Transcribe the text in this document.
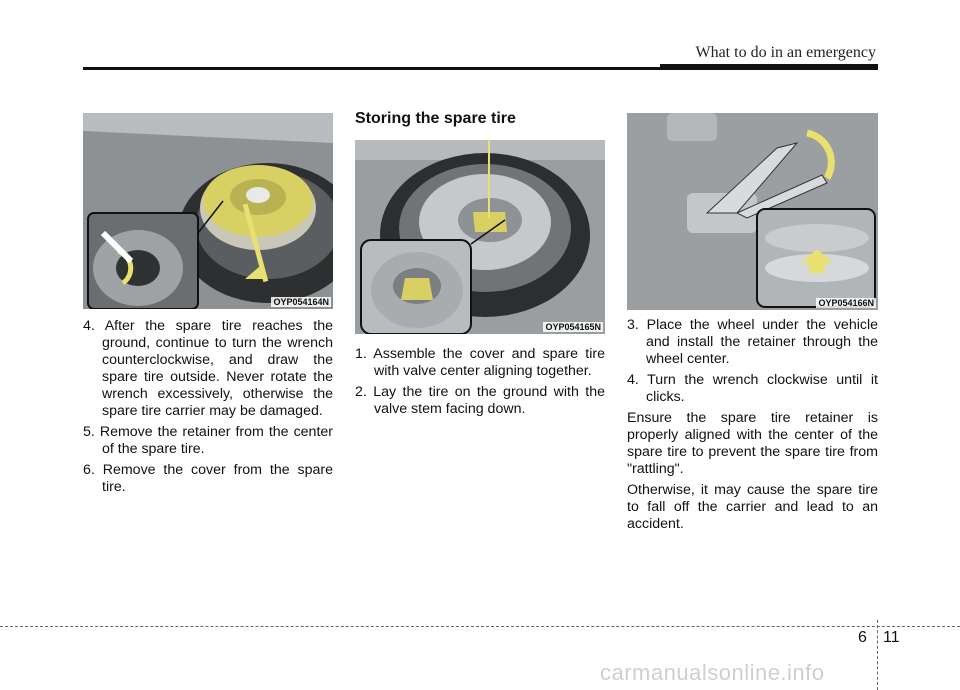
What to do in an emergency
OYP054164N
OYP054165N
OYP054166N
4. After the spare tire reaches the ground, continue to turn the wrench counterclockwise, and draw the spare tire outside. Never rotate the wrench excessively, otherwise the spare tire carrier may be damaged.
5. Remove the retainer from the center of the spare tire.
6. Remove the cover from the spare tire.
Storing the spare tire
1. Assemble the cover and spare tire with valve center aligning together.
2. Lay the tire on the ground with the valve stem facing down.
3. Place the wheel under the vehicle and install the retainer through the wheel center.
4. Turn the wrench clockwise until it clicks.

Ensure the spare tire retainer is properly aligned with the center of the spare tire to prevent the spare tire from "rattling".

Otherwise, it may cause the spare tire to fall off the carrier and lead to an accident.

6 11
carmanualsonline.info
